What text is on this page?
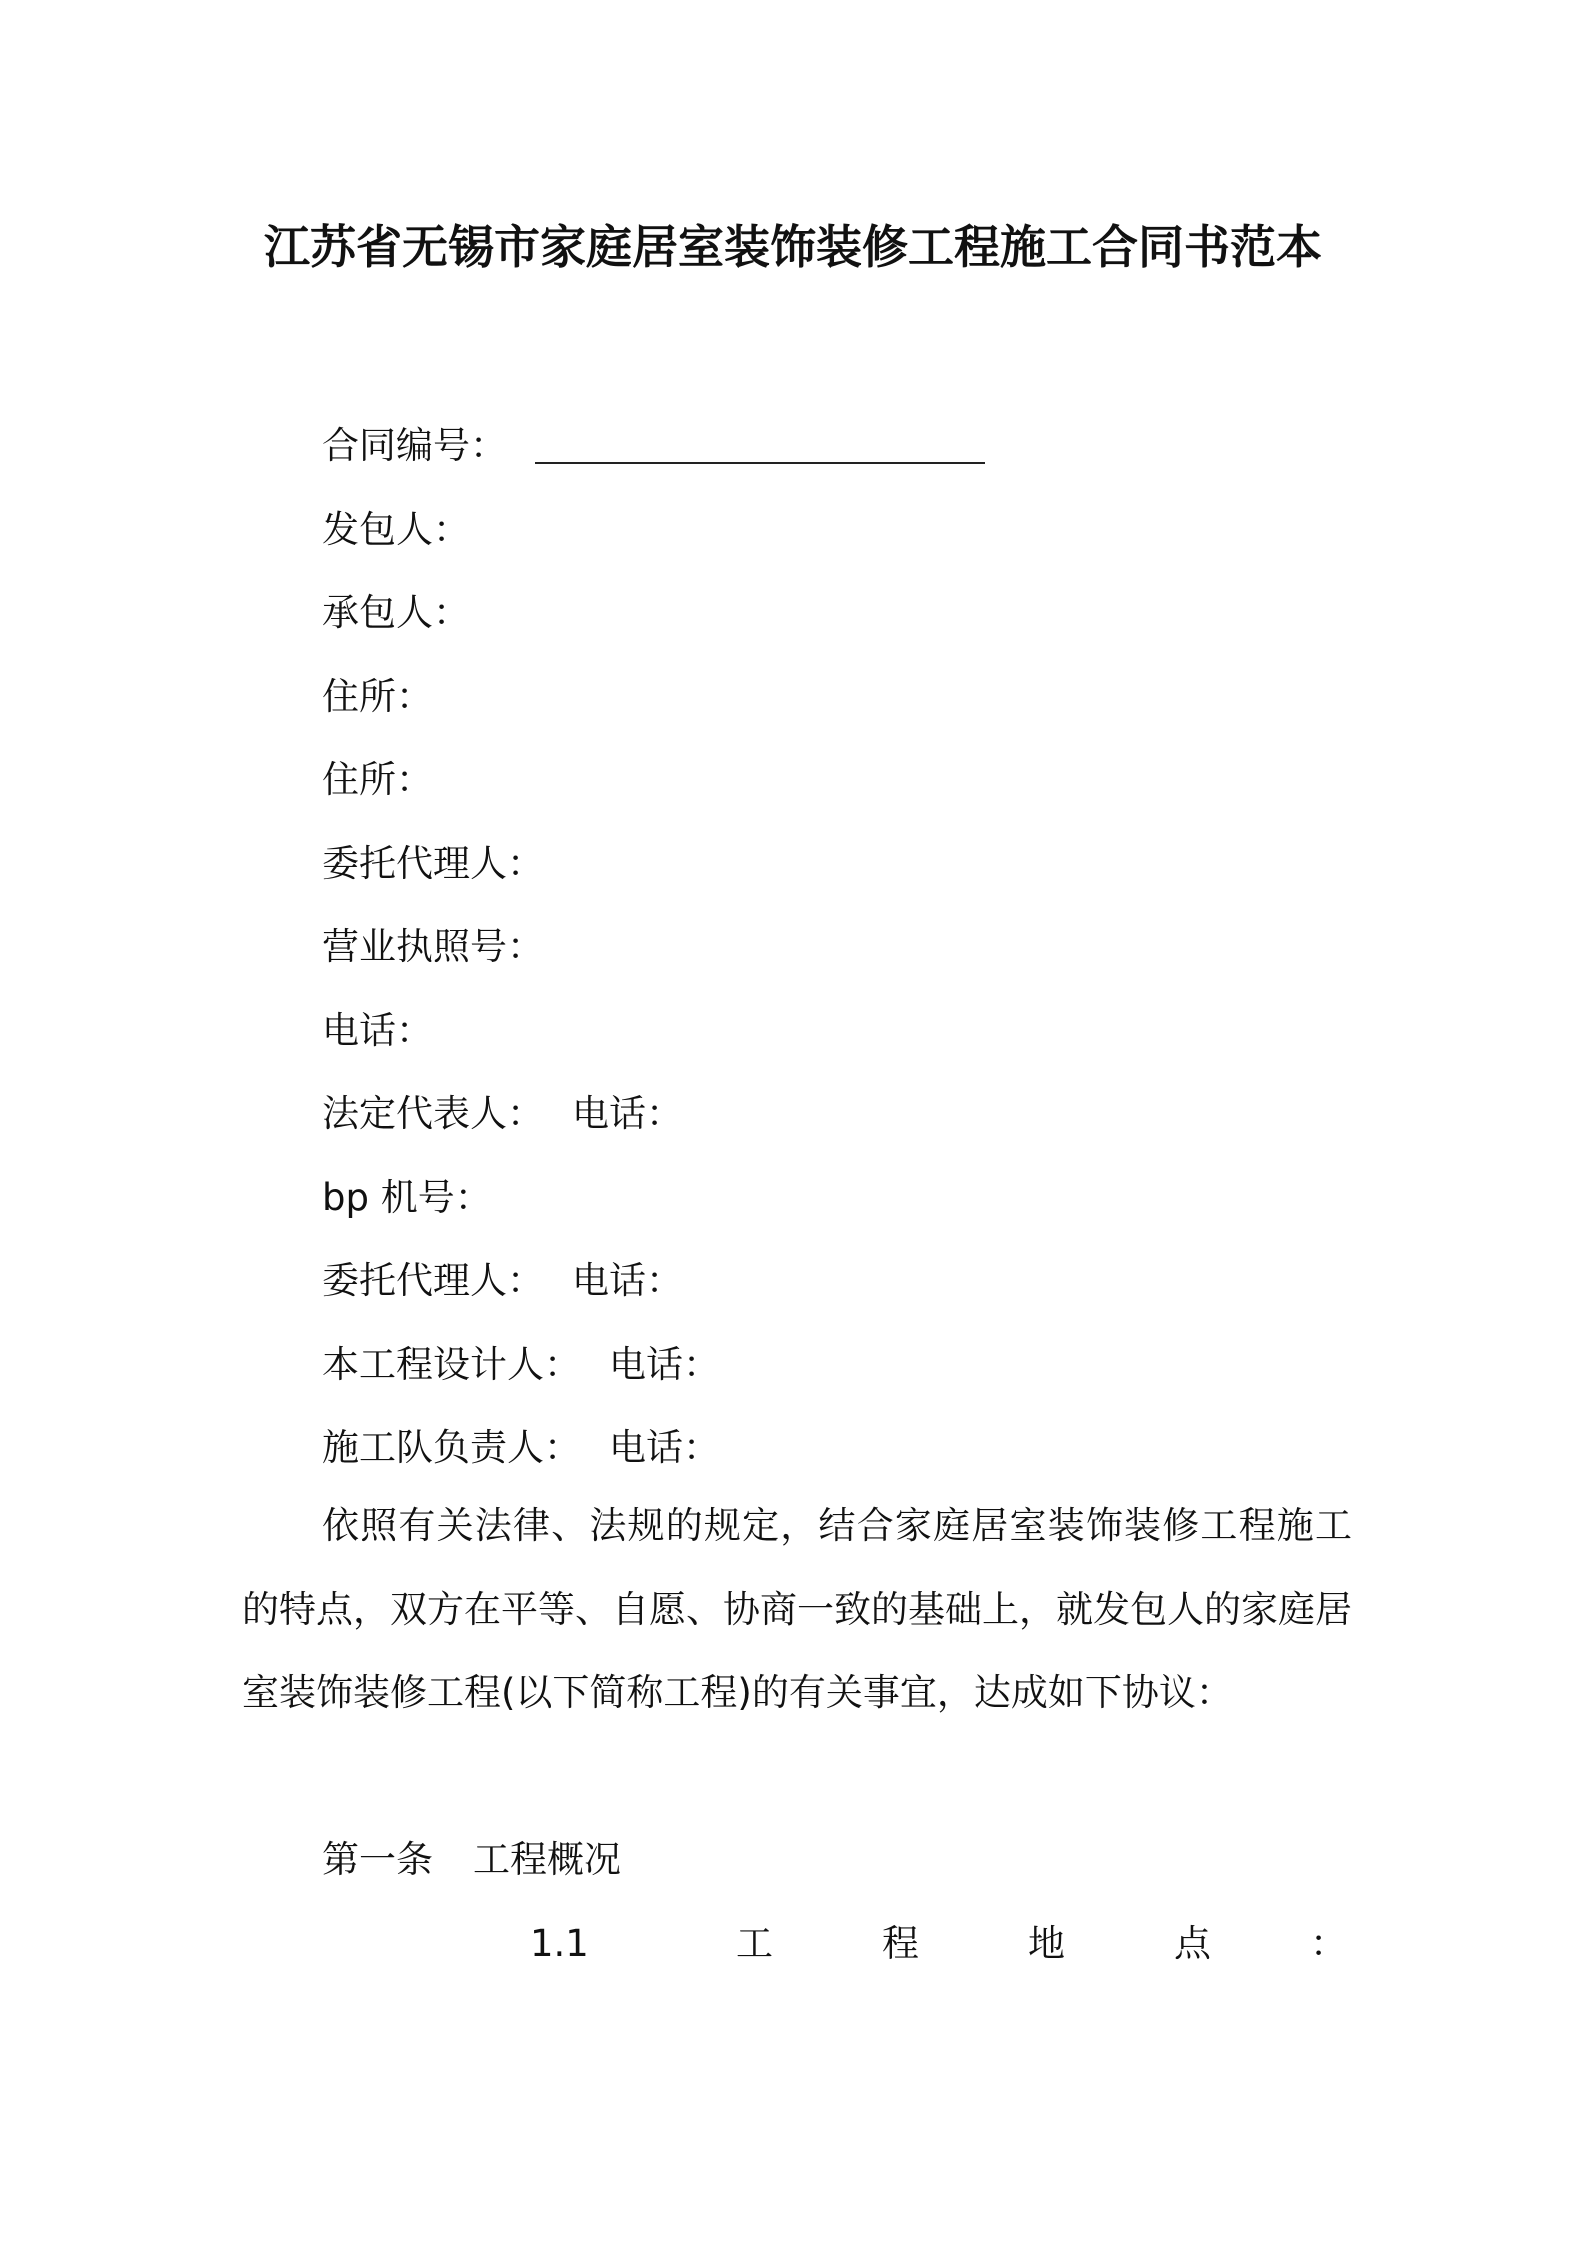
江苏省无锡市家庭居室装饰装修工程施工合同书范本
合同编号：
发包人：
承包人：
住所：
住所：
委托代理人：
营业执照号：
电话：
法定代表人： 电话：
bp 机号：
委托代理人： 电话：
本工程设计人： 电话：
施工队负责人： 电话：

依照有关法律、法规的规定，结合家庭居室装饰装修工程施工的特点，双方在平等、自愿、协商一致的基础上，就发包人的家庭居室装饰装修工程(以下简称工程)的有关事宜，达成如下协议：

第一条 工程概况
1.1	工	程	地	点	：
